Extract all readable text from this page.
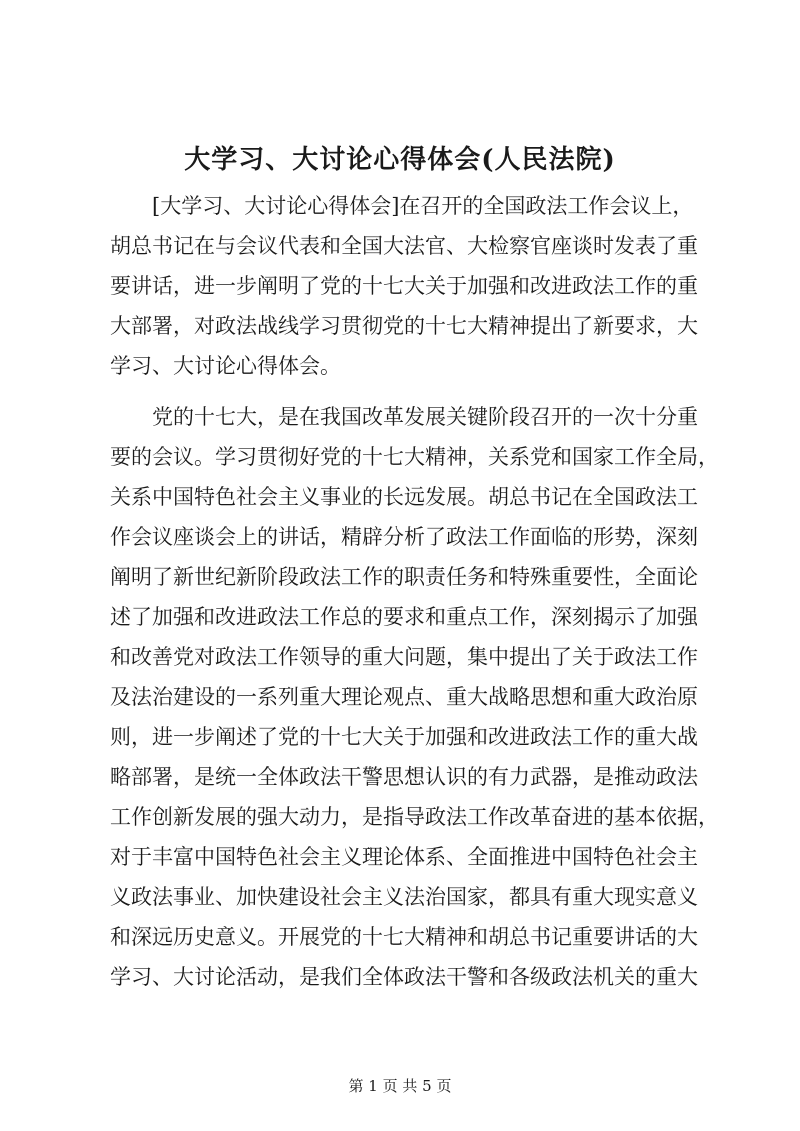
大学习、大讨论心得体会(人民法院)
　　[大学习、大讨论心得体会]在召开的全国政法工作会议上，
胡总书记在与会议代表和全国大法官、大检察官座谈时发表了重
要讲话，进一步阐明了党的十七大关于加强和改进政法工作的重
大部署，对政法战线学习贯彻党的十七大精神提出了新要求，大
学习、大讨论心得体会。
　　党的十七大，是在我国改革发展关键阶段召开的一次十分重
要的会议。学习贯彻好党的十七大精神，关系党和国家工作全局，
关系中国特色社会主义事业的长远发展。胡总书记在全国政法工
作会议座谈会上的讲话，精辟分析了政法工作面临的形势，深刻
阐明了新世纪新阶段政法工作的职责任务和特殊重要性，全面论
述了加强和改进政法工作总的要求和重点工作，深刻揭示了加强
和改善党对政法工作领导的重大问题，集中提出了关于政法工作
及法治建设的一系列重大理论观点、重大战略思想和重大政治原
则，进一步阐述了党的十七大关于加强和改进政法工作的重大战
略部署，是统一全体政法干警思想认识的有力武器，是推动政法
工作创新发展的强大动力，是指导政法工作改革奋进的基本依据，
对于丰富中国特色社会主义理论体系、全面推进中国特色社会主
义政法事业、加快建设社会主义法治国家，都具有重大现实意义
和深远历史意义。开展党的十七大精神和胡总书记重要讲话的大
学习、大讨论活动，是我们全体政法干警和各级政法机关的重大
第 1 页 共 5 页
